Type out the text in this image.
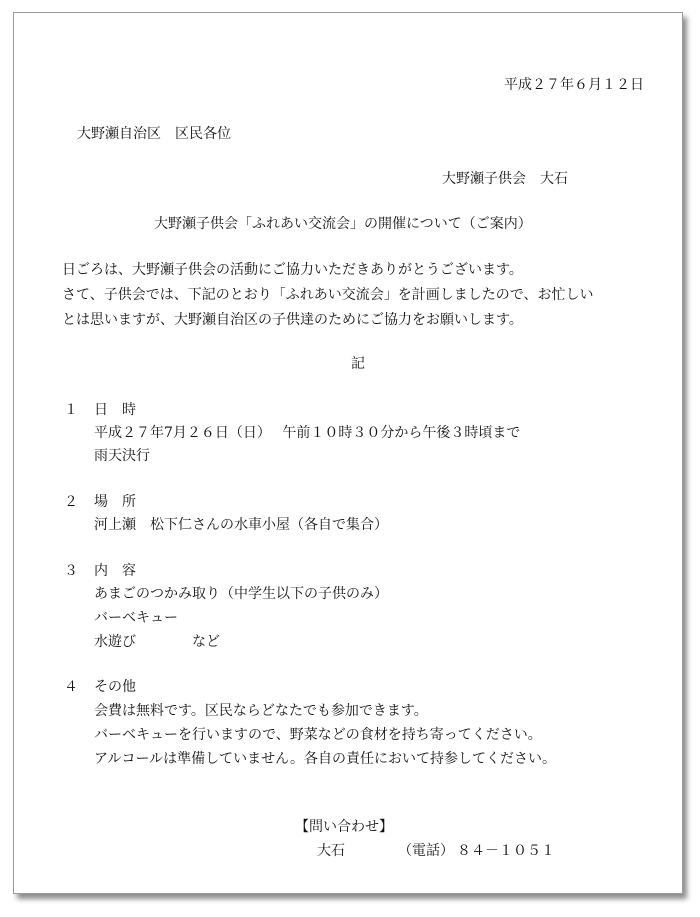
平成２７年６月１２日
大野瀬自治区　区民各位
大野瀬子供会　大石
大野瀬子供会「ふれあい交流会」の開催について（ご案内）
日ごろは、大野瀬子供会の活動にご協力いただきありがとうございます。
さて、子供会では、下記のとおり「ふれあい交流会」を計画しましたので、お忙しい
とは思いますが、大野瀬自治区の子供達のためにご協力をお願いします。
記
１ 日　時
平成２７年7月２６日（日）　 午前１０時３０分から午後３時頃まで
雨天決行
２ 場　所
河上瀬　松下仁さんの水車小屋（各自で集合）
３ 内　容
あまごのつかみ取り（中学生以下の子供のみ）
バーベキュー
水遊び　　　　など
４ その他
会費は無料です。区民ならどなたでも参加できます。
バーベキューを行いますので、野菜などの食材を持ち寄ってください。
アルコールは準備していません。各自の責任において持参してください。
【問い合わせ】
大石	（電話） ８４－１０５１
